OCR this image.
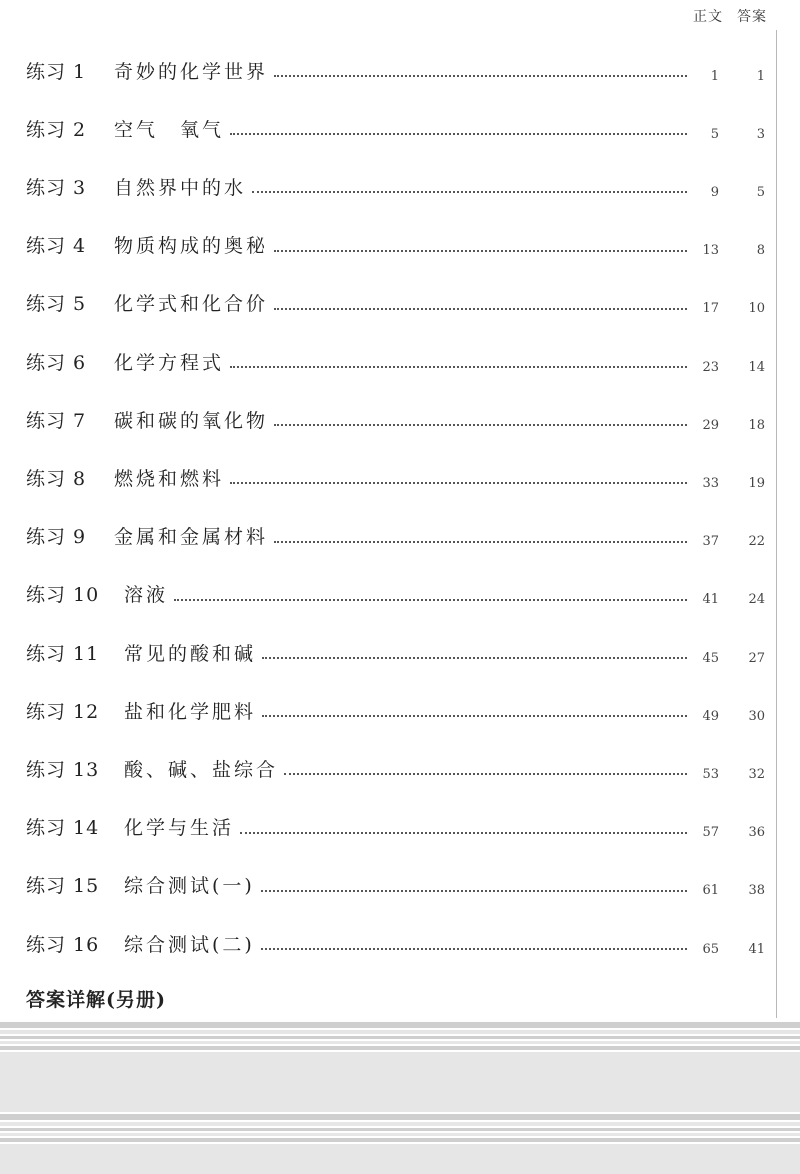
正文 答案
练习 1	奇妙的化学世界	1	1
练习 2	空气　氧气	5	3
练习 3	自然界中的水	9	5
练习 4	物质构成的奥秘	13	8
练习 5	化学式和化合价	17	10
练习 6	化学方程式	23	14
练习 7	碳和碳的氧化物	29	18
练习 8	燃烧和燃料	33	19
练习 9	金属和金属材料	37	22
练习 10	溶液	41	24
练习 11	常见的酸和碱	45	27
练习 12	盐和化学肥料	49	30
练习 13	酸、碱、盐综合	53	32
练习 14	化学与生活	57	36
练习 15	综合测试(一)	61	38
练习 16	综合测试(二)	65	41
答案详解(另册)
